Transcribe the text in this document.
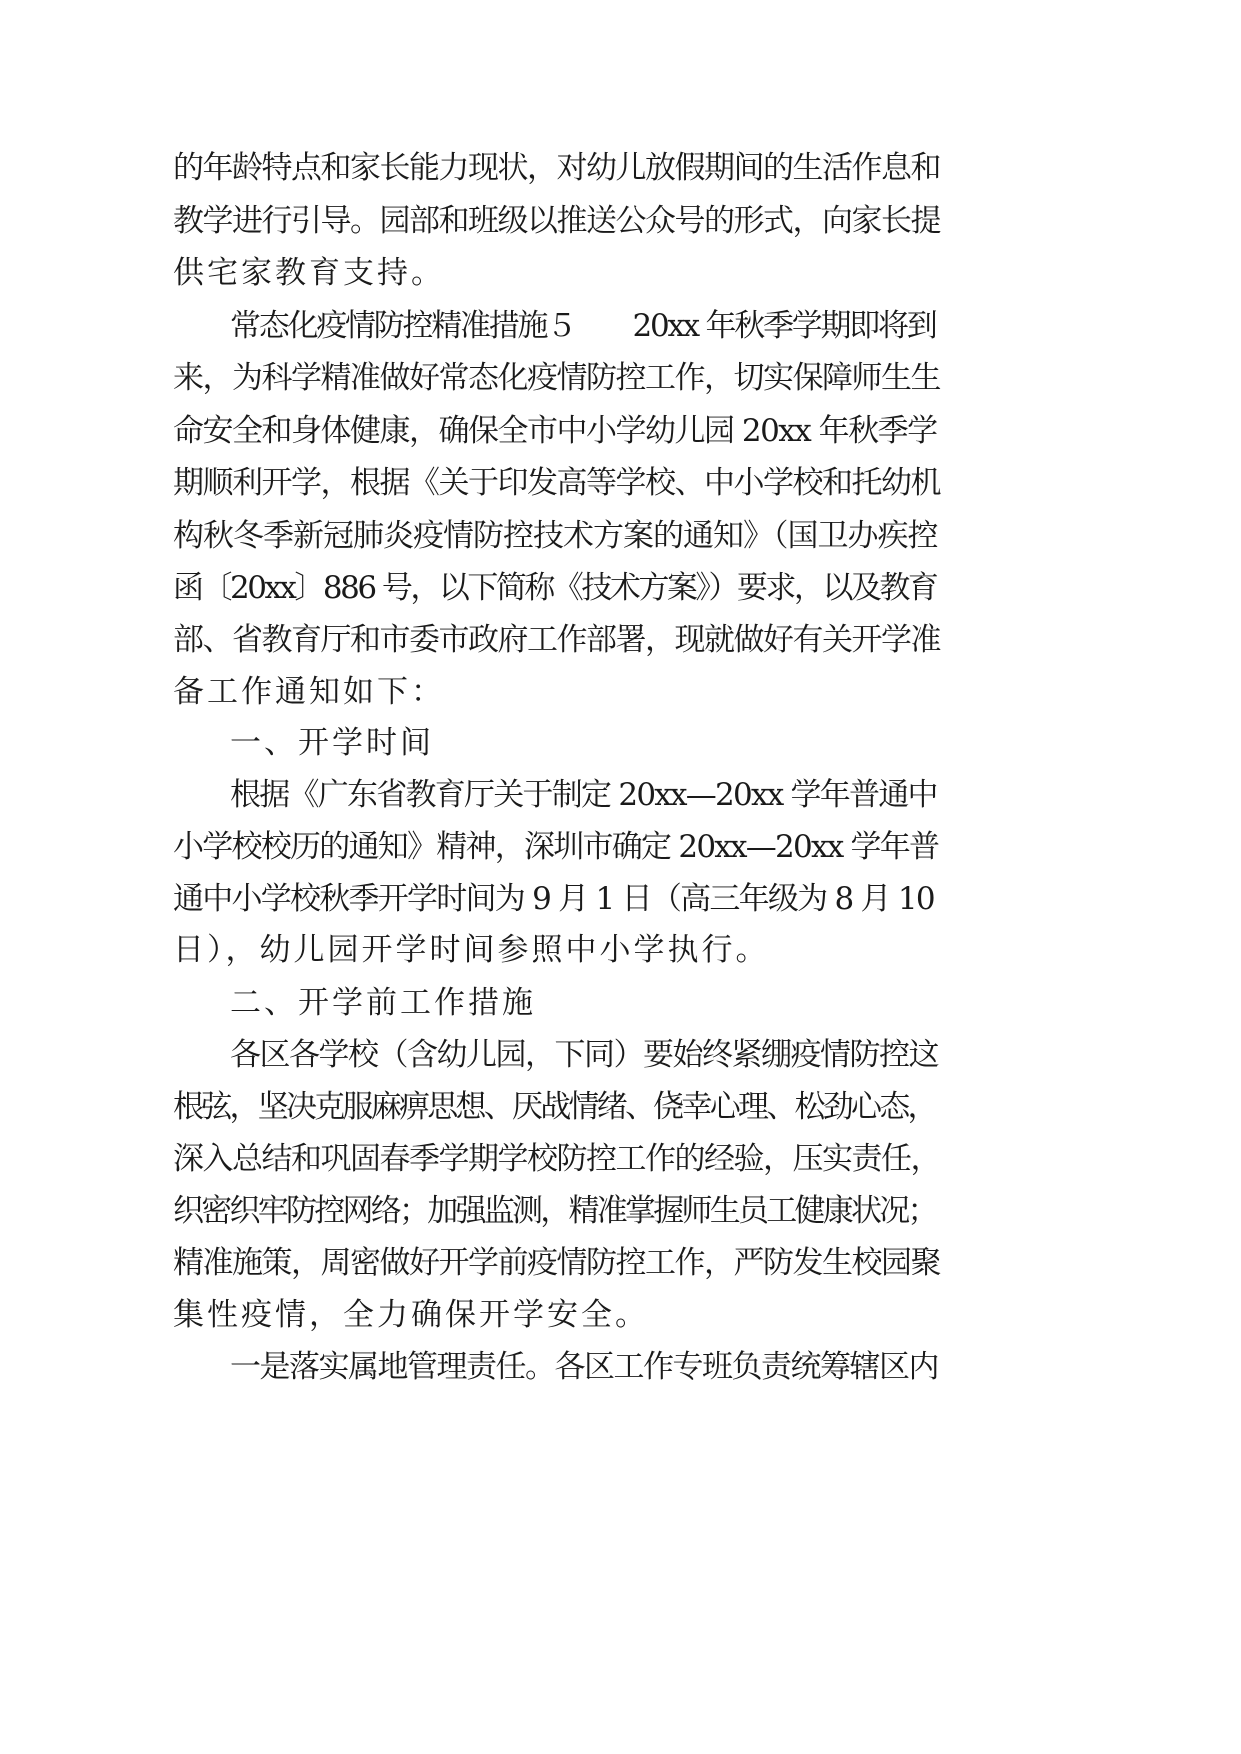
的年龄特点和家长能力现状，对幼儿放假期间的生活作息和
教学进行引导。园部和班级以推送公众号的形式，向家长提
供宅家教育支持。
常态化疫情防控精准措施５　　20xx 年秋季学期即将到
来，为科学精准做好常态化疫情防控工作，切实保障师生生
命安全和身体健康，确保全市中小学幼儿园 20xx 年秋季学
期顺利开学，根据《关于印发高等学校、中小学校和托幼机
构秋冬季新冠肺炎疫情防控技术方案的通知》（国卫办疾控
函〔20xx〕886 号，以下简称《技术方案》）要求，以及教育
部、省教育厅和市委市政府工作部署，现就做好有关开学准
备工作通知如下：
一、开学时间
根据《广东省教育厅关于制定 20xx—20xx 学年普通中
小学校校历的通知》精神，深圳市确定 20xx—20xx 学年普
通中小学校秋季开学时间为 9 月 1 日（高三年级为 8 月 10
日），幼儿园开学时间参照中小学执行。
二、开学前工作措施
各区各学校（含幼儿园，下同）要始终紧绷疫情防控这
根弦，坚决克服麻痹思想、厌战情绪、侥幸心理、松劲心态，
深入总结和巩固春季学期学校防控工作的经验，压实责任，
织密织牢防控网络；加强监测，精准掌握师生员工健康状况；
精准施策，周密做好开学前疫情防控工作，严防发生校园聚
集性疫情，全力确保开学安全。
一是落实属地管理责任。各区工作专班负责统筹辖区内
